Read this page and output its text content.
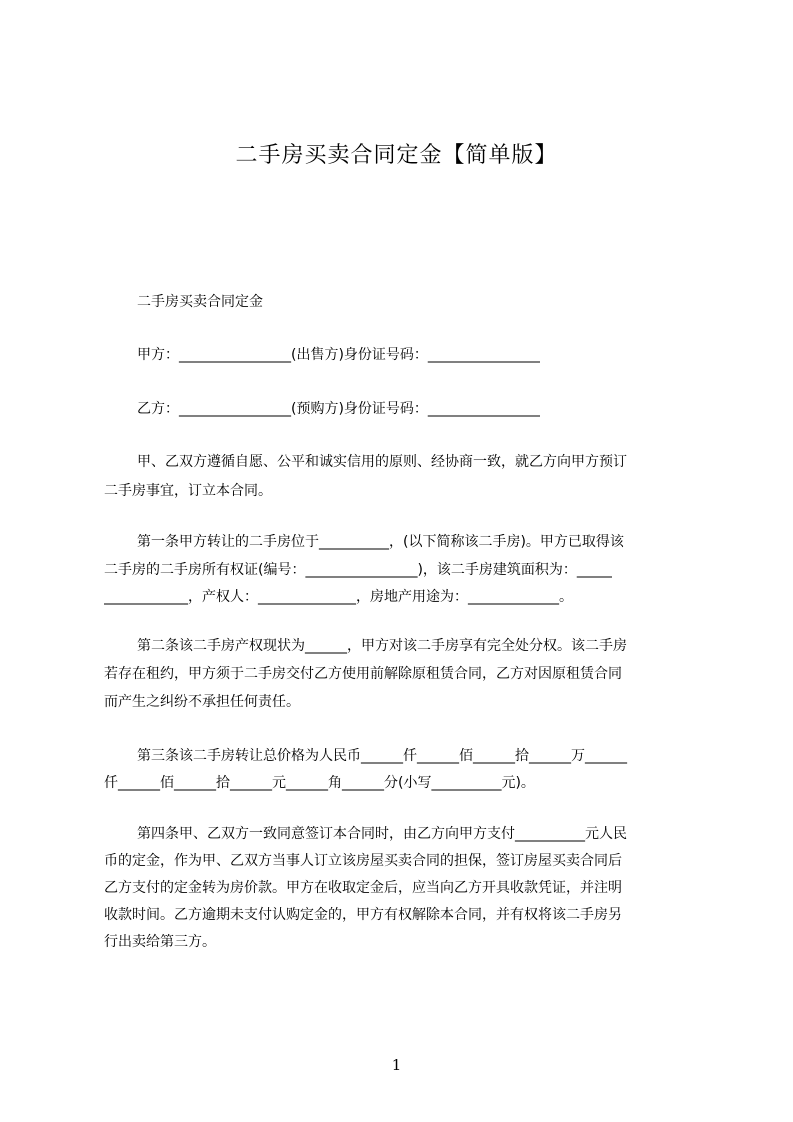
二手房买卖合同定金【简单版】
二手房买卖合同定金
甲方：________________(出售方)身份证号码：________________
乙方：________________(预购方)身份证号码：________________
甲、乙双方遵循自愿、公平和诚实信用的原则、经协商一致，就乙方向甲方预订
二手房事宜，订立本合同。
第一条甲方转让的二手房位于__________，(以下简称该二手房)。甲方已取得该
二手房的二手房所有权证(编号：________________)，该二手房建筑面积为：_____
____________，产权人：______________，房地产用途为：_____________。
第二条该二手房产权现状为______，甲方对该二手房享有完全处分权。该二手房
若存在租约，甲方须于二手房交付乙方使用前解除原租赁合同，乙方对因原租赁合同
而产生之纠纷不承担任何责任。
第三条该二手房转让总价格为人民币______仟______佰______拾______万______
仟______佰______拾______元______角______分(小写__________元)。
第四条甲、乙双方一致同意签订本合同时，由乙方向甲方支付__________元人民
币的定金，作为甲、乙双方当事人订立该房屋买卖合同的担保，签订房屋买卖合同后
乙方支付的定金转为房价款。甲方在收取定金后，应当向乙方开具收款凭证，并注明
收款时间。乙方逾期未支付认购定金的，甲方有权解除本合同，并有权将该二手房另
行出卖给第三方。
1
